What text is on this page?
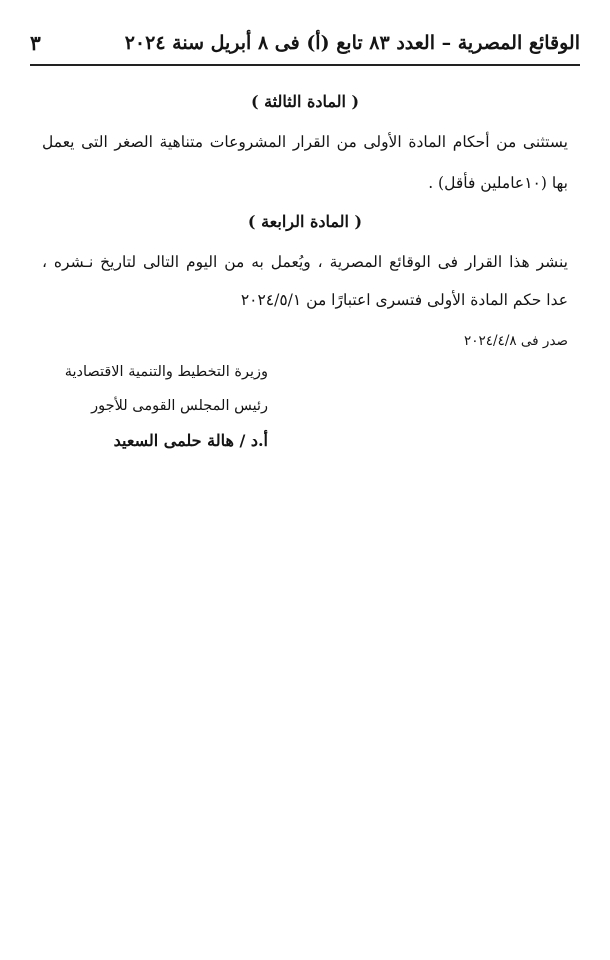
الوقائع المصرية – العدد ٨٣ تابع (أ) فى ٨ أبريل سنة ٢٠٢٤
٣
( المادة الثالثة )
يستثنى من أحكام المادة الأولى من القرار المشروعات متناهية الصغر التى يعمل
بها (١٠عاملين فأقل) .
( المادة الرابعة )
ينشر هذا القرار فى الوقائع المصرية ، ويُعمل به من اليوم التالى لتاريخ نـشره ،
عدا حكم المادة الأولى فتسرى اعتبارًا من ٢٠٢٤/٥/١
صدر فى ٢٠٢٤/٤/٨
وزيرة التخطيط والتنمية الاقتصادية
رئيس المجلس القومى للأجور
أ.د / هالة حلمى السعيد
